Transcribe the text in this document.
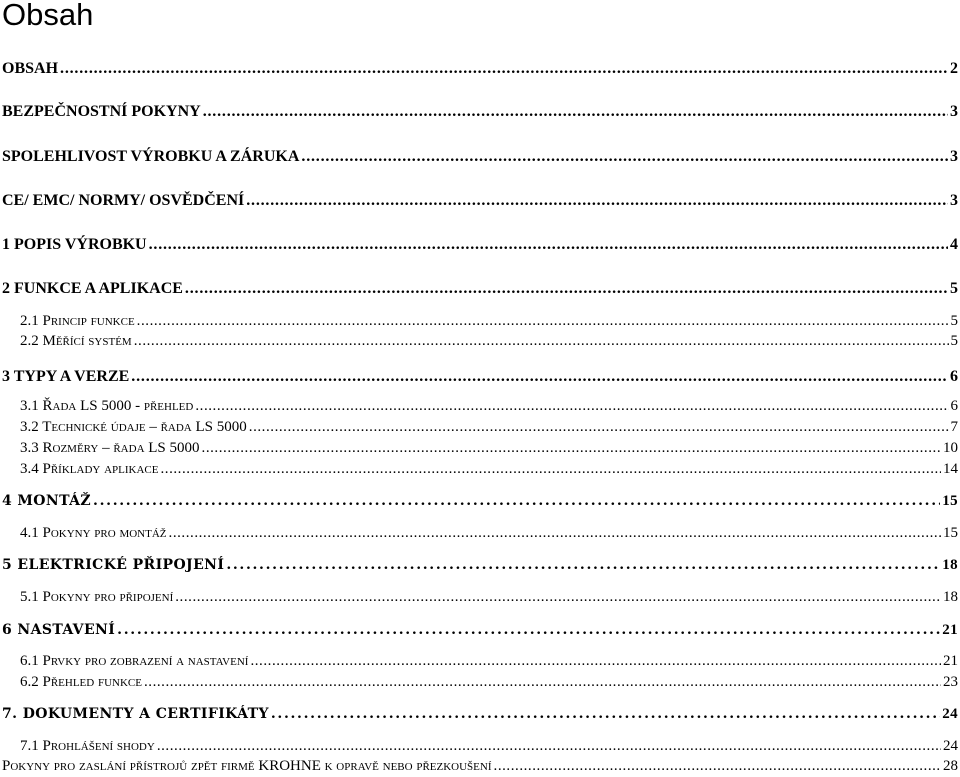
Obsah
OBSAH . . .	2
BEZPEČNOSTNÍ POKYNY . . .	3
SPOLEHLIVOST VÝROBKU A ZÁRUKA . . .	3
CE/ EMC/ NORMY/ OSVĚDČENÍ . . .	3
1 POPIS VÝROBKU . . .	4
2 FUNKCE A APLIKACE . . .	5
2.1 Princip funkce . . .	5
2.2 Měřící systém . . .	5
3 TYPY A VERZE . . .	6
3.1 Řada LS 5000 - přehled . . .	6
3.2 Technické údaje – řada LS 5000 . . .	7
3.3 Rozměry – řada LS 5000 . . .	10
3.4 Příklady aplikace . . .	14
4 MONTÁŽ . . .	15
4.1 Pokyny pro montáž . . .	15
5 ELEKTRICKÉ PŘIPOJENÍ . . .	18
5.1 Pokyny pro připojení . . .	18
6 NASTAVENÍ . . .	21
6.1 Prvky pro zobrazení a nastavení . . .	21
6.2 Přehled funkce . . .	23
7. DOKUMENTY A CERTIFIKÁTY . . .	24
7.1 Prohlášení shody . . .	24
Pokyny pro zaslání přístrojů zpět firmě KROHNE k opravě nebo přezkoušení . . .	28
